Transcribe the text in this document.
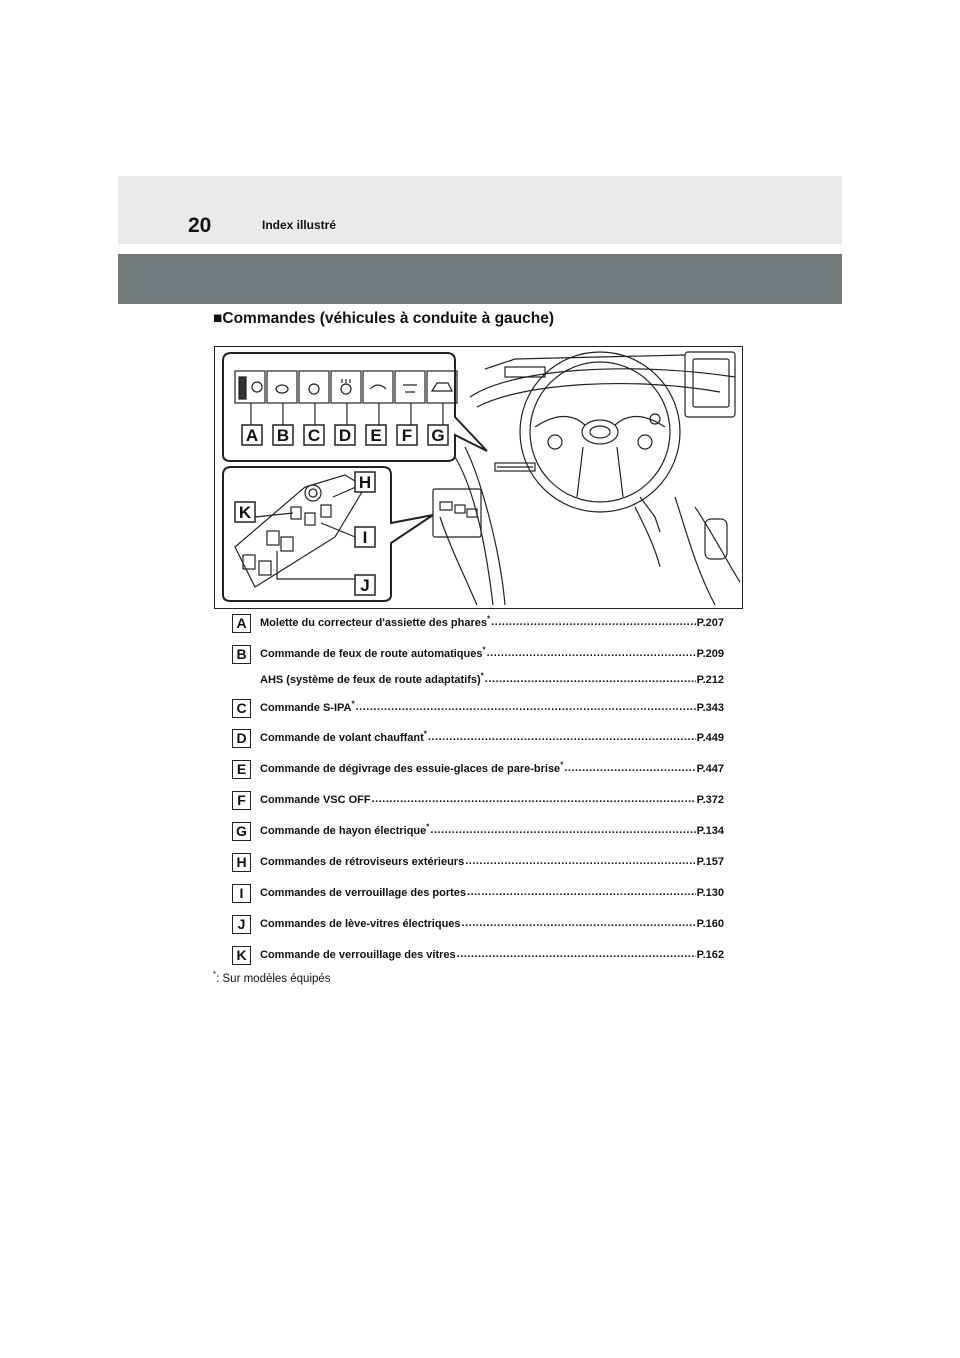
20	Index illustré
■Commandes (véhicules à conduite à gauche)
A B C D E F G
H
K
I
J
A	Molette du correcteur d'assiette des phares* .....	P.207
B	Commande de feux de route automatiques* .....	P.209
AHS (système de feux de route adaptatifs)* .....	P.212
C	Commande S-IPA* .....	P.343
D	Commande de volant chauffant* .....	P.449
E	Commande de dégivrage des essuie-glaces de pare-brise* .....	P.447
F	Commande VSC OFF .....	P.372
G	Commande de hayon électrique* .....	P.134
H	Commandes de rétroviseurs extérieurs .....	P.157
I	Commandes de verrouillage des portes .....	P.130
J	Commandes de lève-vitres électriques .....	P.160
K	Commande de verrouillage des vitres .....	P.162
*: Sur modèles équipés
